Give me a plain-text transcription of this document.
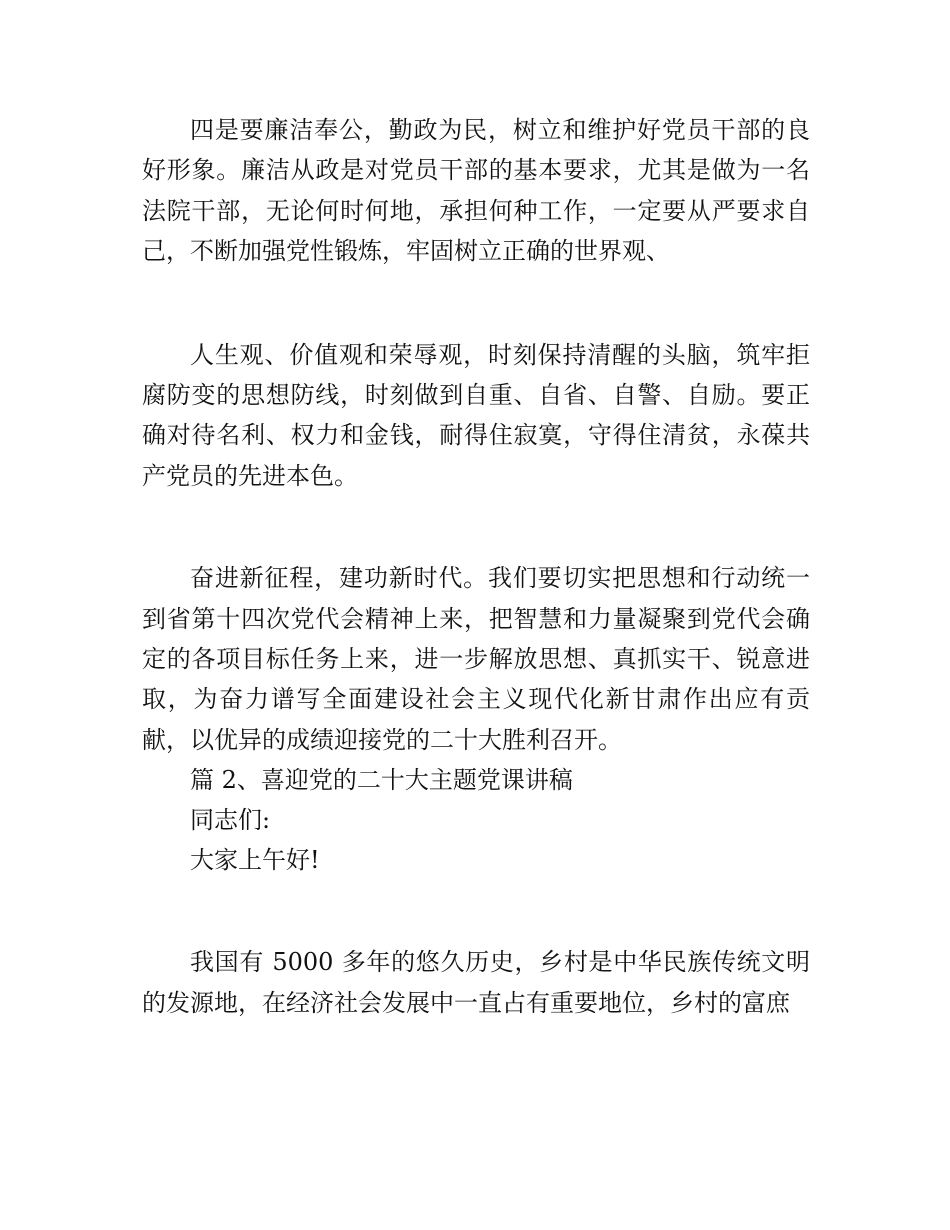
四是要廉洁奉公，勤政为民，树立和维护好党员干部的良好形象。廉洁从政是对党员干部的基本要求，尤其是做为一名法院干部，无论何时何地，承担何种工作，一定要从严要求自己，不断加强党性锻炼，牢固树立正确的世界观、

人生观、价值观和荣辱观，时刻保持清醒的头脑，筑牢拒腐防变的思想防线，时刻做到自重、自省、自警、自励。要正确对待名利、权力和金钱，耐得住寂寞，守得住清贫，永葆共产党员的先进本色。

奋进新征程，建功新时代。我们要切实把思想和行动统一到省第十四次党代会精神上来，把智慧和力量凝聚到党代会确定的各项目标任务上来，进一步解放思想、真抓实干、锐意进取，为奋力谱写全面建设社会主义现代化新甘肃作出应有贡献，以优异的成绩迎接党的二十大胜利召开。

篇 2、喜迎党的二十大主题党课讲稿

同志们:

大家上午好!

我国有 5000 多年的悠久历史，乡村是中华民族传统文明的发源地，在经济社会发展中一直占有重要地位，乡村的富庶
